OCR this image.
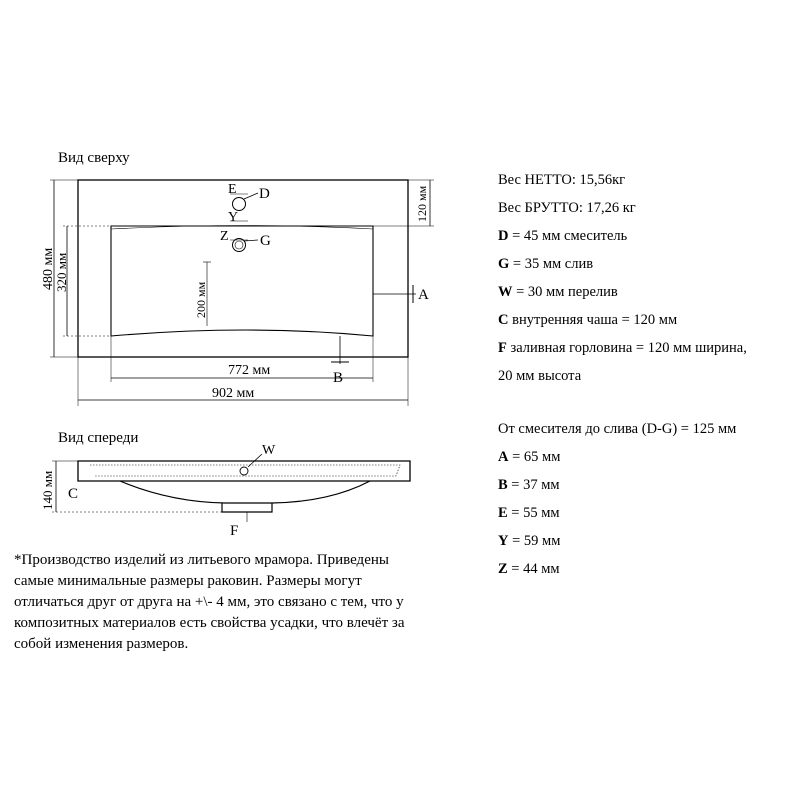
Вид сверху
Вид спереди
480 мм
320 мм
120 мм
200 мм
772 мм
902 мм
E D
Y
Z G
A
B
140 мм C
W
F
Вес НЕТТО: 15,56кг
Вес БРУТТО: 17,26 кг
D = 45 мм смеситель
G = 35 мм слив
W = 30 мм перелив
C внутренняя чаша = 120 мм
F заливная горловина = 120 мм ширина,
20 мм высота
От смесителя до слива (D-G) = 125 мм
A = 65 мм
B = 37 мм
E = 55 мм
Y = 59 мм
Z = 44 мм
*Производство изделий из литьевого мрамора. Приведены
самые минимальные размеры раковин. Размеры могут
отличаться друг от друга на +\- 4 мм, это связано с тем, что у
композитных материалов есть свойства усадки, что влечёт за
собой изменения размеров.
